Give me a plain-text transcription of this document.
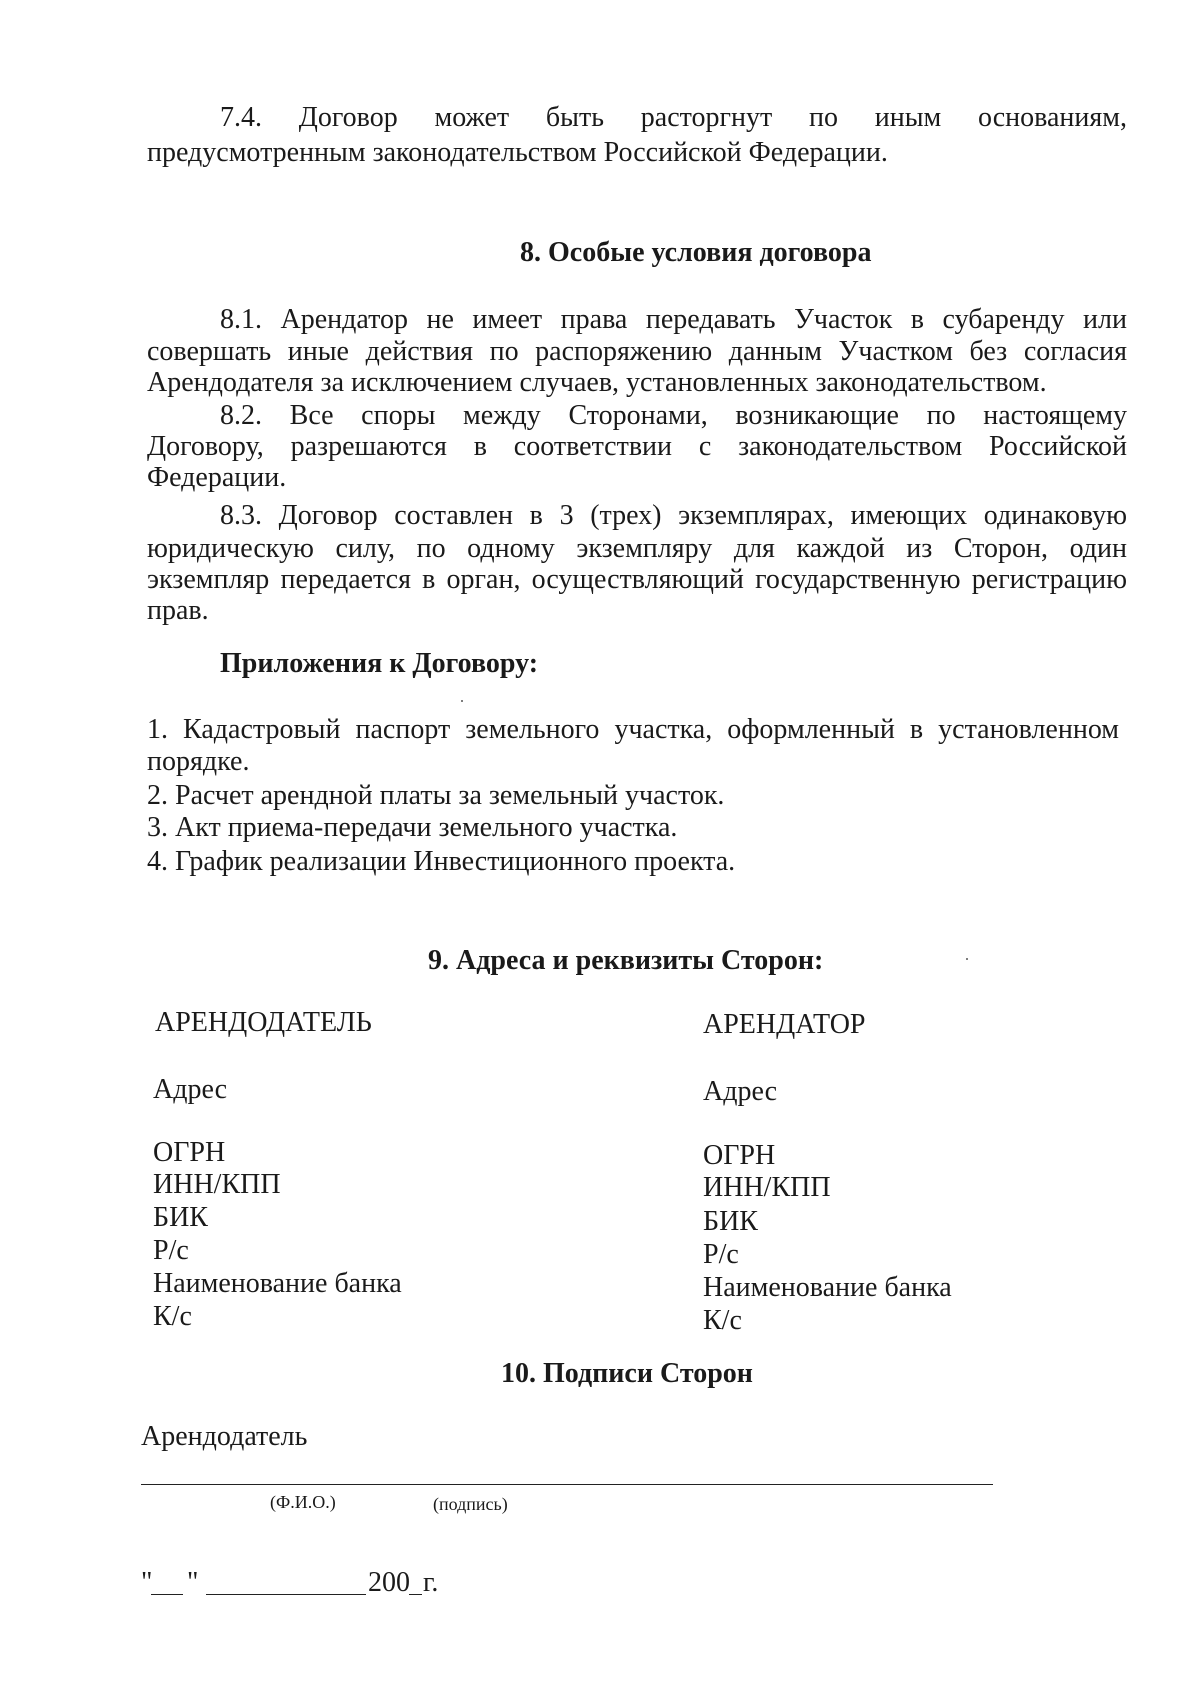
7.4. Договор может быть расторгнут по иным основаниям,
предусмотренным законодательством Российской Федерации.
8. Особые условия договора
8.1. Арендатор не имеет права передавать Участок в субаренду или
совершать иные действия по распоряжению данным Участком без согласия
Арендодателя за исключением случаев, установленных законодательством.
8.2. Все споры между Сторонами, возникающие по настоящему
Договору, разрешаются в соответствии с законодательством Российской
Федерации.
8.3. Договор составлен в 3 (трех) экземплярах, имеющих одинаковую
юридическую силу, по одному экземпляру для каждой из Сторон, один
экземпляр передается в орган, осуществляющий государственную регистрацию
прав.
Приложения к Договору:
1. Кадастровый паспорт земельного участка, оформленный в установленном
порядке.
2. Расчет арендной платы за земельный участок.
3. Акт приема-передачи земельного участка.
4. График реализации Инвестиционного проекта.
9. Адреса и реквизиты Сторон:
АРЕНДОДАТЕЛЬ
Адрес
ОГРН
ИНН/КПП
БИК
Р/с
Наименование банка
К/с
АРЕНДАТОР
Адрес
ОГРН
ИНН/КПП
БИК
Р/с
Наименование банка
К/с
10. Подписи Сторон
Арендодатель
(Ф.И.О.)	(подпись)
" "	200 г.
